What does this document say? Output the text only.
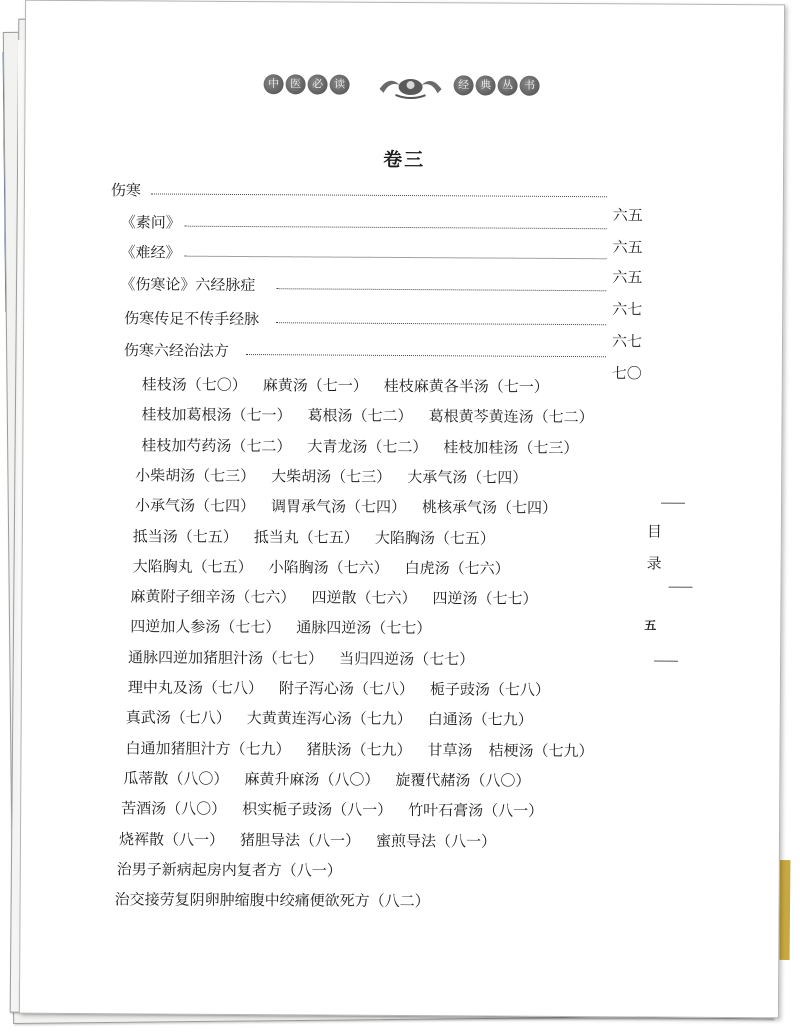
中 医 必 读	经 典 丛 书
卷三
伤寒
六五
《素问》
六五
《难经》
六五
《伤寒论》六经脉症
六七
伤寒传足不传手经脉
六七
伤寒六经治法方
七〇
桂枝汤（七〇） 麻黄汤（七一） 桂枝麻黄各半汤（七一）
桂枝加葛根汤（七一） 葛根汤（七二） 葛根黄芩黄连汤（七二）
桂枝加芍药汤（七二） 大青龙汤（七二） 桂枝加桂汤（七三）
小柴胡汤（七三） 大柴胡汤（七三） 大承气汤（七四）
小承气汤（七四） 调胃承气汤（七四） 桃核承气汤（七四）
抵当汤（七五） 抵当丸（七五） 大陷胸汤（七五）
大陷胸丸（七五） 小陷胸汤（七六） 白虎汤（七六）
麻黄附子细辛汤（七六） 四逆散（七六） 四逆汤（七七）
四逆加人参汤（七七） 通脉四逆汤（七七）
通脉四逆加猪胆汁汤（七七） 当归四逆汤（七七）
理中丸及汤（七八） 附子泻心汤（七八） 栀子豉汤（七八）
真武汤（七八） 大黄黄连泻心汤（七九） 白通汤（七九）
白通加猪胆汁方（七九） 猪肤汤（七九） 甘草汤 桔梗汤（七九）
瓜蒂散（八〇） 麻黄升麻汤（八〇） 旋覆代赭汤（八〇）
苦酒汤（八〇） 枳实栀子豉汤（八一） 竹叶石膏汤（八一）
烧裈散（八一） 猪胆导法（八一） 蜜煎导法（八一）
治男子新病起房内复者方（八一）
治交接劳复阴卵肿缩腹中绞痛便欲死方（八二）
目
录
五
